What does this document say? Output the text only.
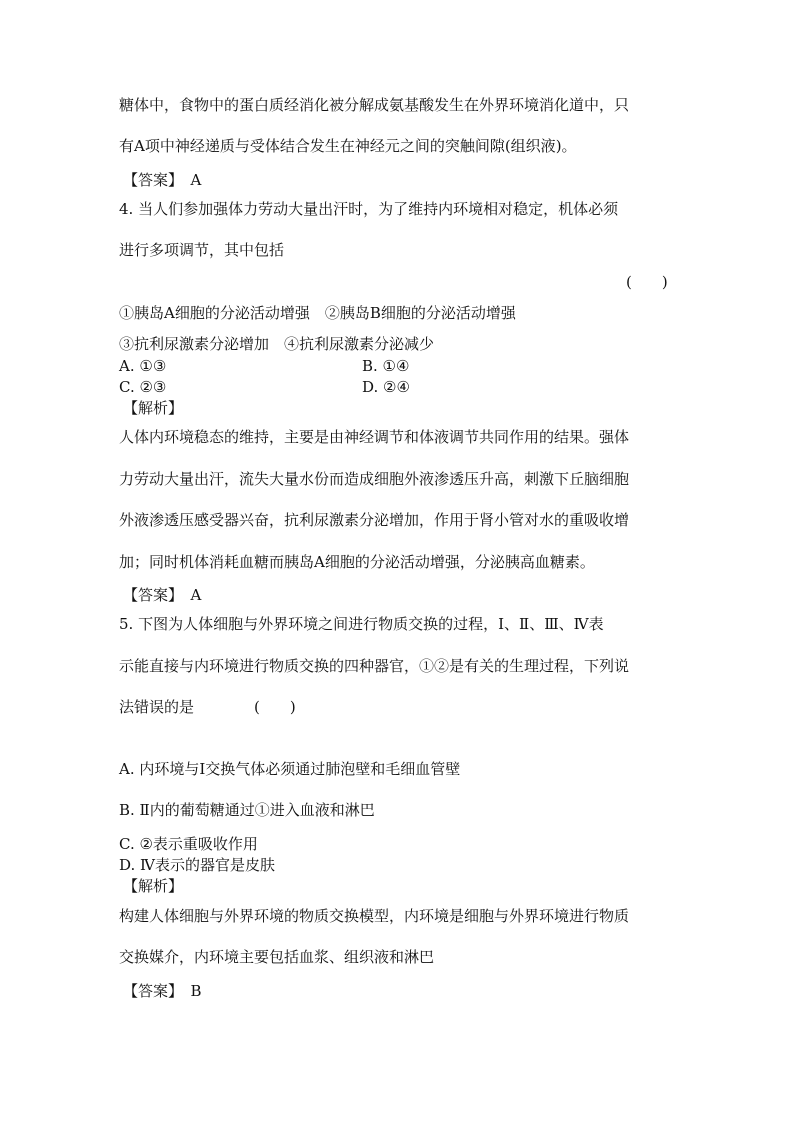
糖体中，食物中的蛋白质经消化被分解成氨基酸发生在外界环境消化道中，只
有A项中神经递质与受体结合发生在神经元之间的突触间隙(组织液)。
【答案】　A
4. 当人们参加强体力劳动大量出汗时，为了维持内环境相对稳定，机体必须
进行多项调节，其中包括
(　　)
①胰岛A细胞的分泌活动增强　②胰岛B细胞的分泌活动增强
③抗利尿激素分泌增加　④抗利尿激素分泌减少
A. ①③	B. ①④
C. ②③	D. ②④
【解析】
人体内环境稳态的维持，主要是由神经调节和体液调节共同作用的结果。强体
力劳动大量出汗，流失大量水份而造成细胞外液渗透压升高，刺激下丘脑细胞
外液渗透压感受器兴奋，抗利尿激素分泌增加，作用于肾小管对水的重吸收增
加；同时机体消耗血糖而胰岛A细胞的分泌活动增强，分泌胰高血糖素。
【答案】　A
5. 下图为人体细胞与外界环境之间进行物质交换的过程，Ⅰ、Ⅱ、Ⅲ、Ⅳ表
示能直接与内环境进行物质交换的四种器官，①②是有关的生理过程，下列说
法错误的是　　　　(　　)
A. 内环境与Ⅰ交换气体必须通过肺泡壁和毛细血管壁
B. Ⅱ内的葡萄糖通过①进入血液和淋巴
C. ②表示重吸收作用
D. Ⅳ表示的器官是皮肤
【解析】
构建人体细胞与外界环境的物质交换模型，内环境是细胞与外界环境进行物质
交换媒介，内环境主要包括血浆、组织液和淋巴
【答案】　B
